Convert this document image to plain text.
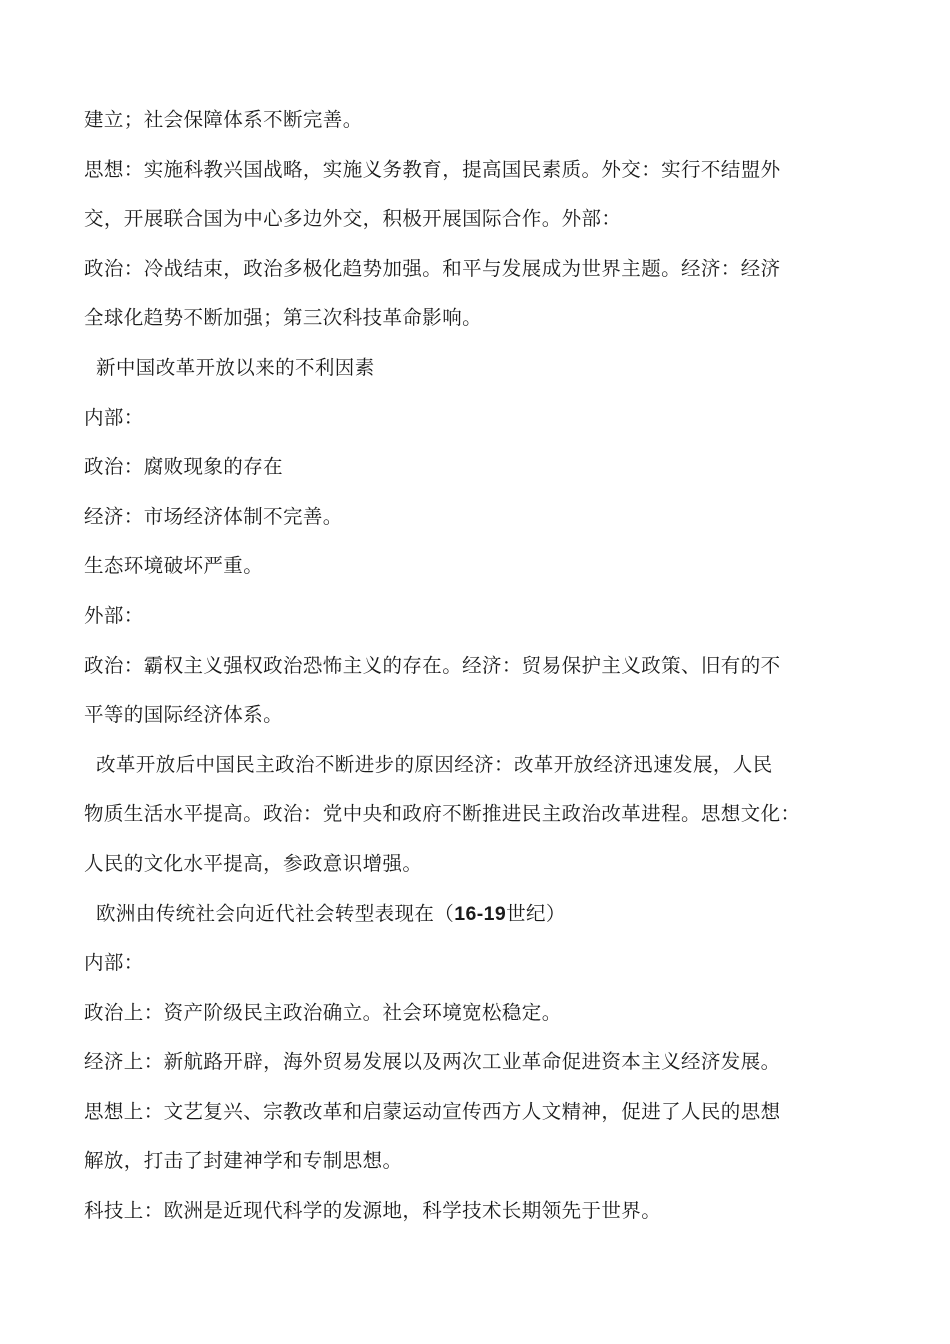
建立；社会保障体系不断完善。
思想：实施科教兴国战略，实施义务教育，提高国民素质。外交：实行不结盟外
交，开展联合国为中心多边外交，积极开展国际合作。外部：
政治：冷战结束，政治多极化趋势加强。和平与发展成为世界主题。经济：经济
全球化趋势不断加强；第三次科技革命影响。
新中国改革开放以来的不利因素
内部：
政治：腐败现象的存在
经济：市场经济体制不完善。
生态环境破坏严重。
外部：
政治：霸权主义强权政治恐怖主义的存在。经济：贸易保护主义政策、旧有的不
平等的国际经济体系。
改革开放后中国民主政治不断进步的原因经济：改革开放经济迅速发展，人民
物质生活水平提高。政治：党中央和政府不断推进民主政治改革进程。思想文化：
人民的文化水平提高，参政意识增强。
欧洲由传统社会向近代社会转型表现在（16-19世纪）
内部：
政治上：资产阶级民主政治确立。社会环境宽松稳定。
经济上：新航路开辟，海外贸易发展以及两次工业革命促进资本主义经济发展。
思想上：文艺复兴、宗教改革和启蒙运动宣传西方人文精神，促进了人民的思想
解放，打击了封建神学和专制思想。
科技上：欧洲是近现代科学的发源地，科学技术长期领先于世界。
